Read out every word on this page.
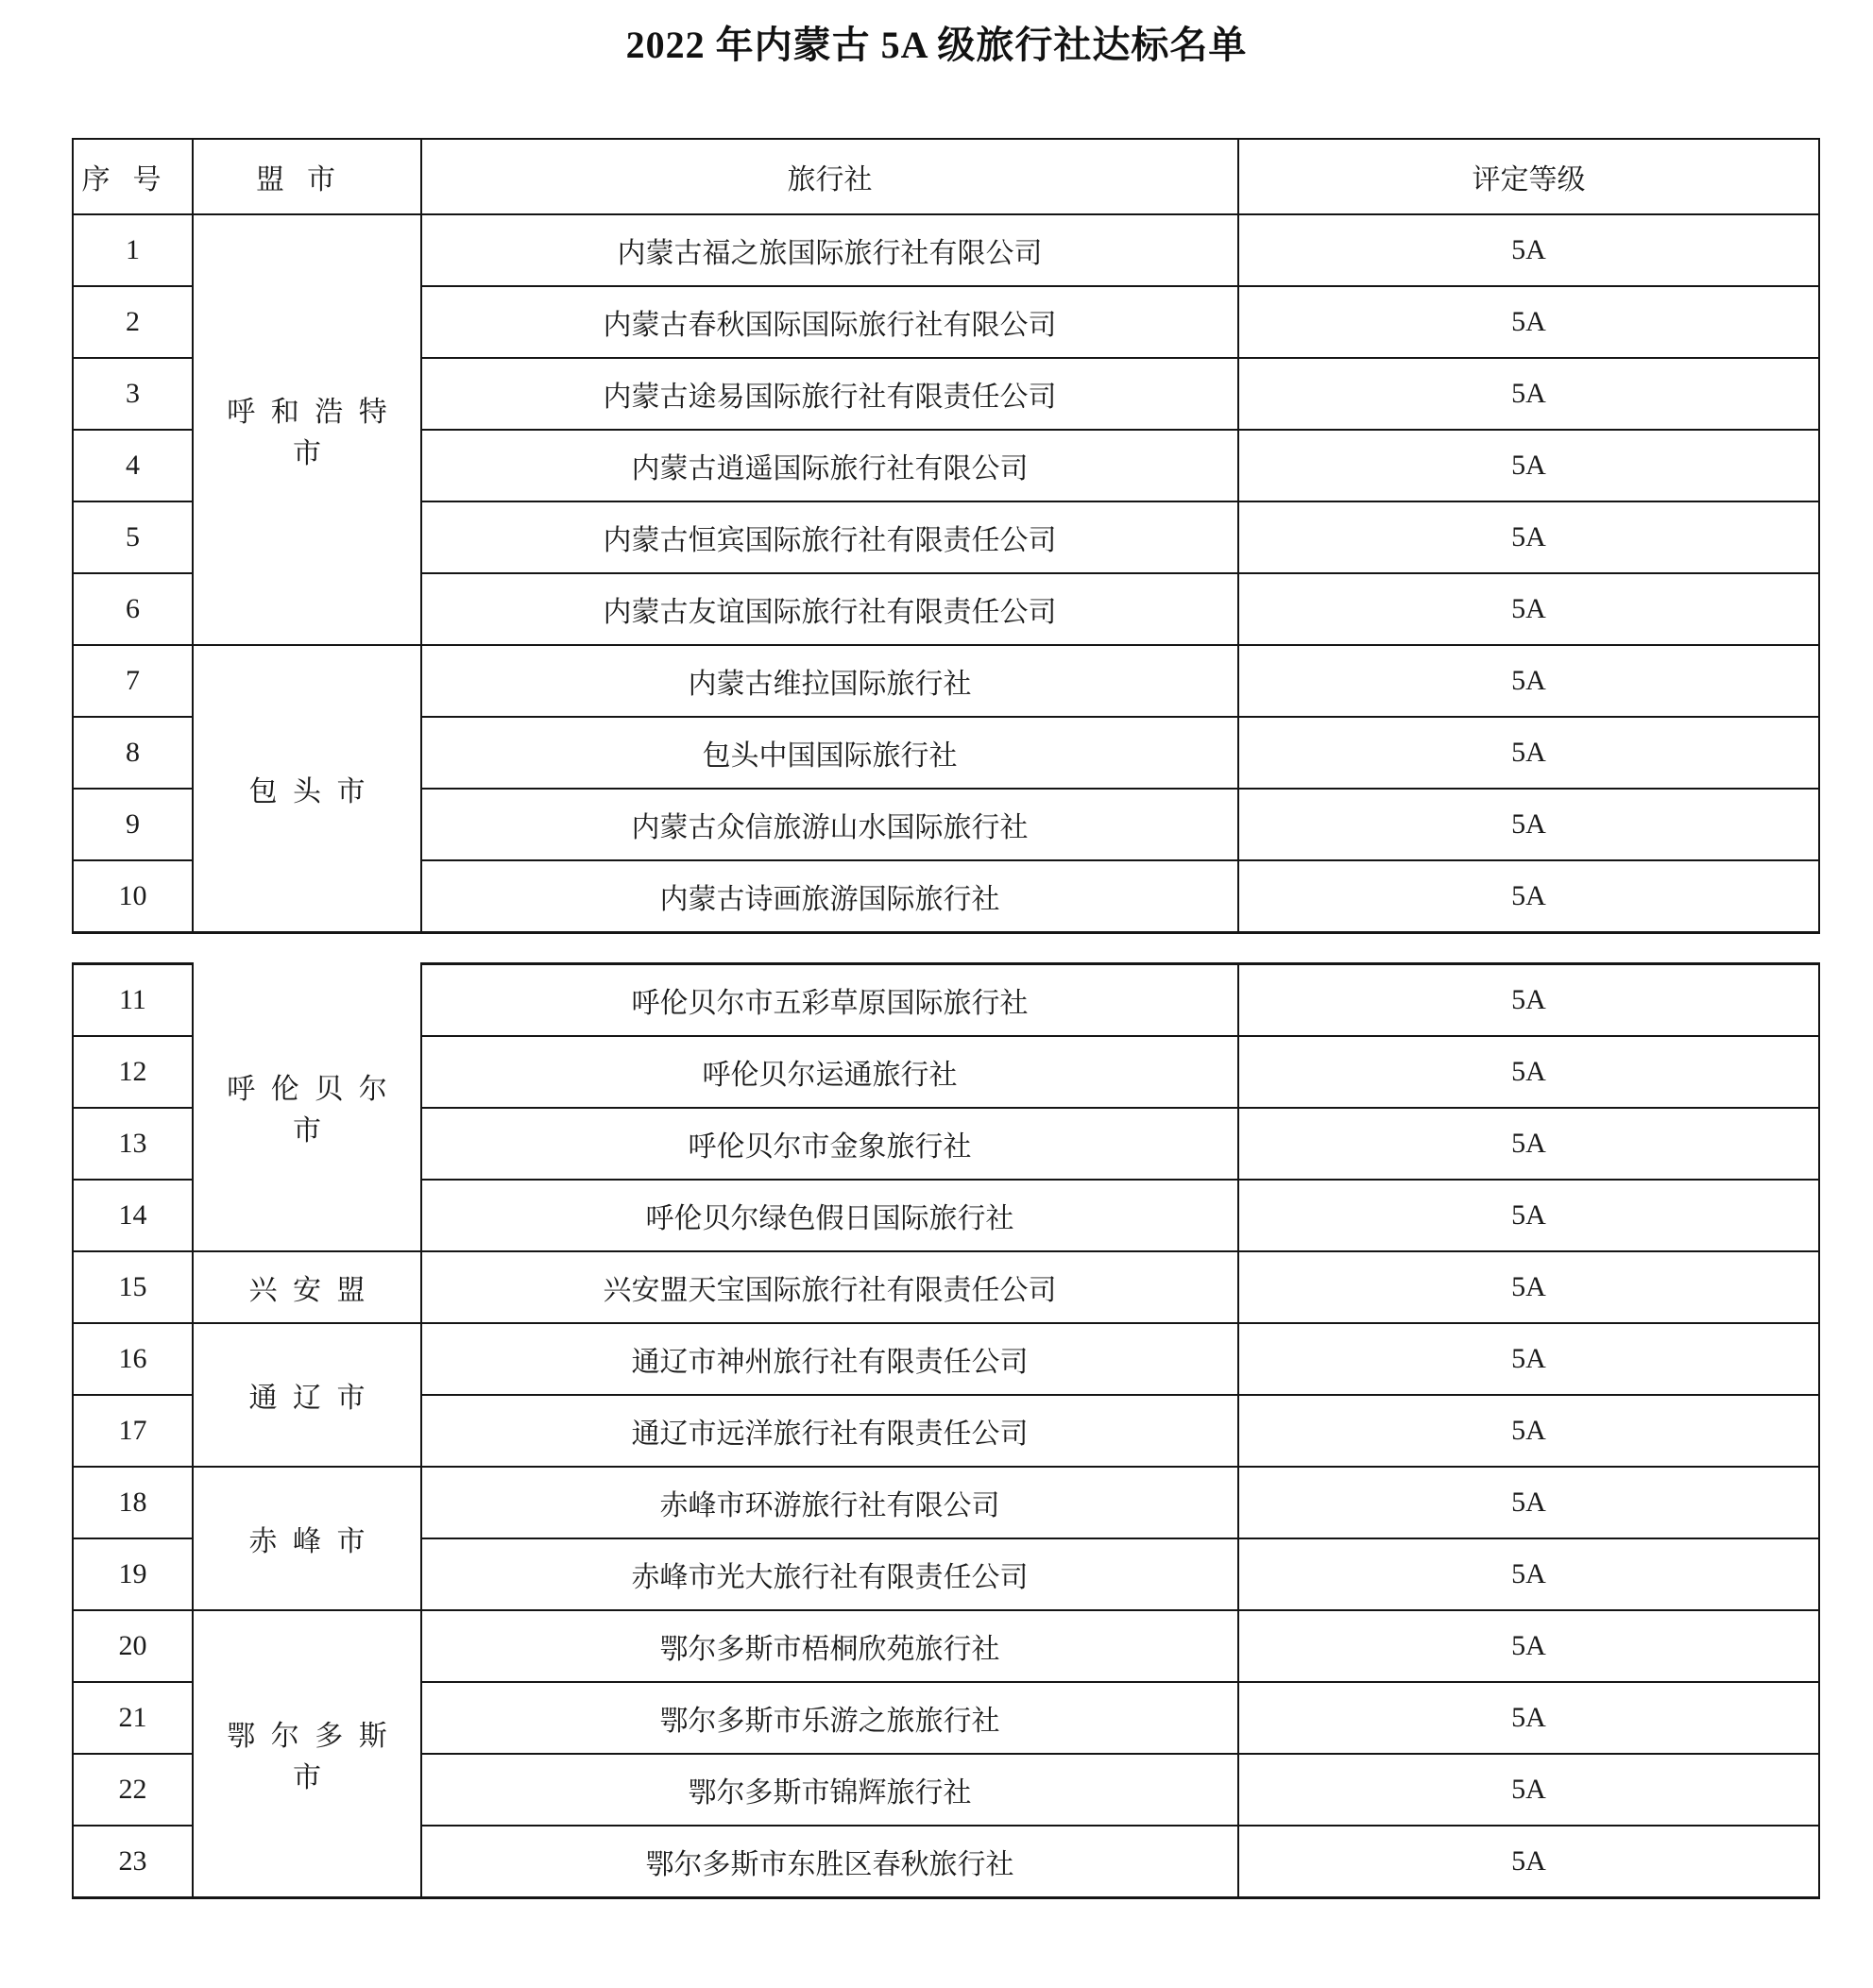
2022 年内蒙古 5A 级旅行社达标名单
序号	盟市	旅行社	评定等级
1	呼和浩特市	内蒙古福之旅国际旅行社有限公司	5A
2		内蒙古春秋国际国际旅行社有限公司	5A
3		内蒙古途易国际旅行社有限责任公司	5A
4		内蒙古逍遥国际旅行社有限公司	5A
5		内蒙古恒宾国际旅行社有限责任公司	5A
6		内蒙古友谊国际旅行社有限责任公司	5A
7	包头市	内蒙古维拉国际旅行社	5A
8		包头中国国际旅行社	5A
9		内蒙古众信旅游山水国际旅行社	5A
10		内蒙古诗画旅游国际旅行社	5A
11	呼伦贝尔市	呼伦贝尔市五彩草原国际旅行社	5A
12		呼伦贝尔运通旅行社	5A
13		呼伦贝尔市金象旅行社	5A
14		呼伦贝尔绿色假日国际旅行社	5A
15	兴安盟	兴安盟天宝国际旅行社有限责任公司	5A
16	通辽市	通辽市神州旅行社有限责任公司	5A
17		通辽市远洋旅行社有限责任公司	5A
18	赤峰市	赤峰市环游旅行社有限公司	5A
19		赤峰市光大旅行社有限责任公司	5A
20	鄂尔多斯市	鄂尔多斯市梧桐欣苑旅行社	5A
21		鄂尔多斯市乐游之旅旅行社	5A
22		鄂尔多斯市锦辉旅行社	5A
23		鄂尔多斯市东胜区春秋旅行社	5A
